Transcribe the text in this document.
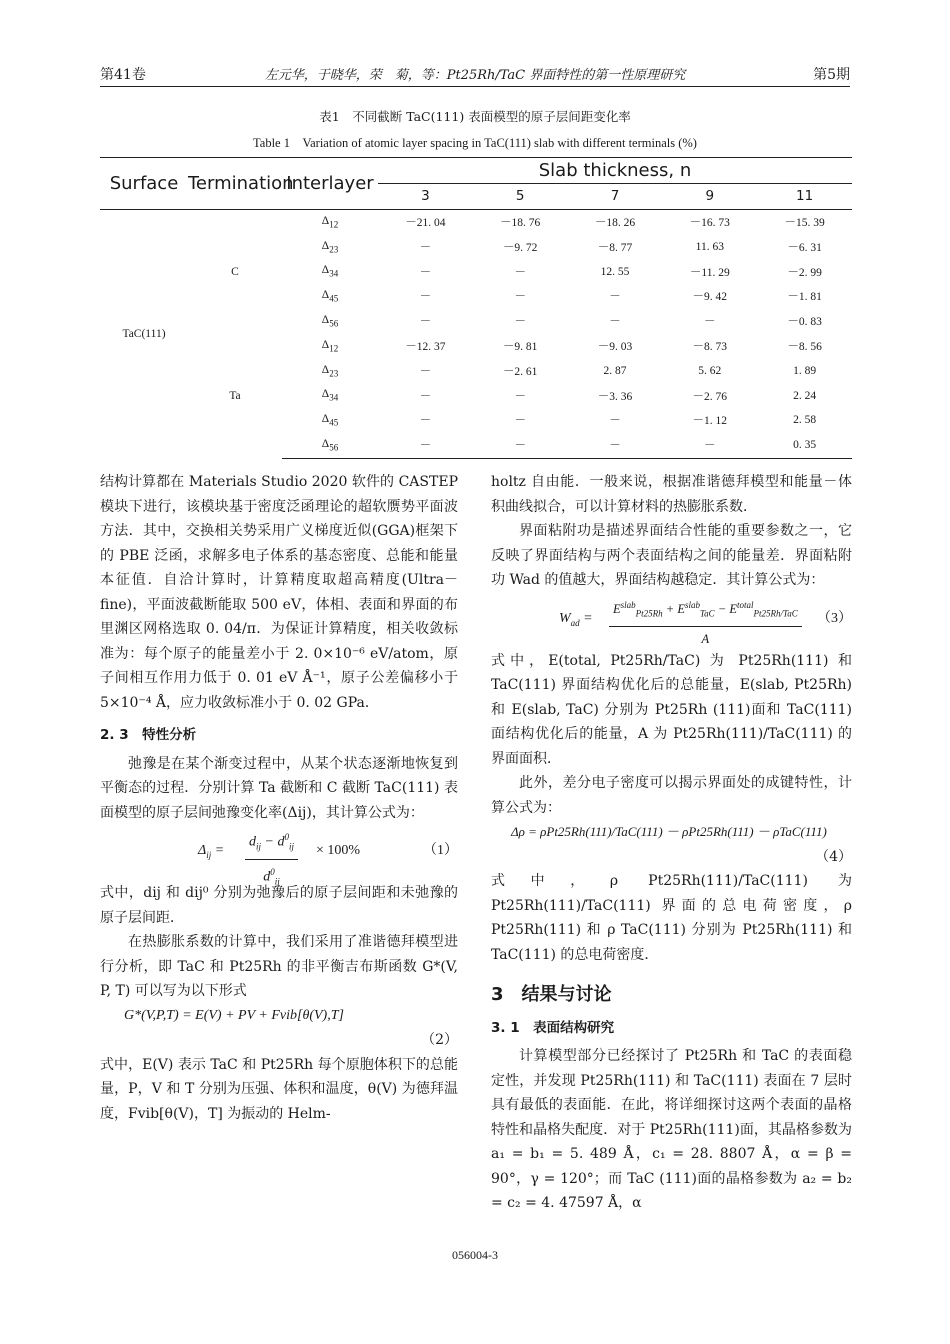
第41卷	左元华，于晓华，荣　菊，等：Pt25Rh/TaC 界面特性的第一性原理研究	第5期
表1　不同截断 TaC(111) 表面模型的原子层间距变化率
Table 1　Variation of atomic layer spacing in TaC(111) slab with different terminals (%)
Surface	Termination	Interlayer	Slab thickness, n				
			3	5	7	9	11
TaC(111)	C	$\Delta_{12}$	－21. 04	－18. 76	－18. 26	－16. 73	－15. 39
		$\Delta_{23}$	－	－9. 72	－8. 77	11. 63	－6. 31
		$\Delta_{34}$	－	－	12. 55	－11. 29	－2. 99
		$\Delta_{45}$	－	－	－	－9. 42	－1. 81
		$\Delta_{56}$	－	－	－	－	－0. 83
	Ta	$\Delta_{12}$	－12. 37	－9. 81	－9. 03	－8. 73	－8. 56
		$\Delta_{23}$	－	－2. 61	2. 87	5. 62	1. 89
		$\Delta_{34}$	－	－	－3. 36	－2. 76	2. 24
		$\Delta_{45}$	－	－	－	－1. 12	2. 58
		$\Delta_{56}$	－	－	－	－	0. 35

结构计算都在 Materials Studio 2020 软件的 CASTEP 模块下进行，该模块基于密度泛函理论的超软赝势平面波方法．其中，交换相关势采用广义梯度近似(GGA)框架下的 PBE 泛函，求解多电子体系的基态密度、总能和能量本征值．自洽计算时，计算精度取超高精度(Ultra－fine)，平面波截断能取 500 eV，体相、表面和界面的布里渊区网格选取 0. 04/π．为保证计算精度，相关收敛标准为：每个原子的能量差小于 2. 0×10⁻⁶ eV/atom，原子间相互作用力低于 0. 01 eV Å⁻¹，原子公差偏移小于 5×10⁻⁴ Å，应力收敛标准小于 0. 02 GPa．

2. 3　特性分析

弛豫是在某个渐变过程中，从某个状态逐渐地恢复到平衡态的过程．分别计算 Ta 截断和 C 截断 TaC(111) 表面模型的原子层间弛豫变化率(Δij)，其计算公式为：

$\Delta_{ij}$ =
$d_{ij} - d^0_{ij}$
$d^0_{ij}$
× 100%	（1）

式中，dij 和 dij⁰ 分别为弛豫后的原子层间距和未弛豫的原子层间距．

在热膨胀系数的计算中，我们采用了准谐德拜模型进行分析，即 TaC 和 Pt25Rh 的非平衡吉布斯函数 G*(V, P, T) 可以写为以下形式

G*(V,P,T) = E(V) + PV + Fvib[θ(V),T]

（2）

式中，E(V) 表示 TaC 和 Pt25Rh 每个原胞体积下的总能量，P，V 和 T 分别为压强、体积和温度，θ(V) 为德拜温度，Fvib[θ(V)，T] 为振动的 Helm-

holtz 自由能．一般来说，根据准谐德拜模型和能量－体积曲线拟合，可以计算材料的热膨胀系数．

界面粘附功是描述界面结合性能的重要参数之一，它反映了界面结构与两个表面结构之间的能量差．界面粘附功 Wad 的值越大，界面结构越稳定．其计算公式为：

$W_{ad}$ =
$E^{slab}_{Pt25Rh} + E^{slab}_{TaC} - E^{total}_{Pt25Rh/TaC}$
A
（3）

式中，E(total, Pt25Rh/TaC) 为 Pt25Rh(111) 和 TaC(111) 界面结构优化后的总能量，E(slab, Pt25Rh) 和 E(slab, TaC) 分别为 Pt25Rh (111)面和 TaC(111) 面结构优化后的能量，A 为 Pt25Rh(111)/TaC(111) 的界面面积．

此外，差分电子密度可以揭示界面处的成键特性，计算公式为：

Δρ = ρPt25Rh(111)/TaC(111) － ρPt25Rh(111) － ρTaC(111)

（4）

式中，ρ Pt25Rh(111)/TaC(111) 为 Pt25Rh(111)/TaC(111) 界面的总电荷密度，ρ Pt25Rh(111) 和 ρ TaC(111) 分别为 Pt25Rh(111) 和 TaC(111) 的总电荷密度．

3　结果与讨论

3. 1　表面结构研究

计算模型部分已经探讨了 Pt25Rh 和 TaC 的表面稳定性，并发现 Pt25Rh(111) 和 TaC(111) 表面在 7 层时具有最低的表面能．在此，将详细探讨这两个表面的晶格特性和晶格失配度．对于 Pt25Rh(111)面，其晶格参数为 a₁ = b₁ = 5. 489 Å，c₁ = 28. 8807 Å，α = β = 90°，γ = 120°；而 TaC (111)面的晶格参数为 a₂ = b₂ = c₂ = 4. 47597 Å，α

056004-3
